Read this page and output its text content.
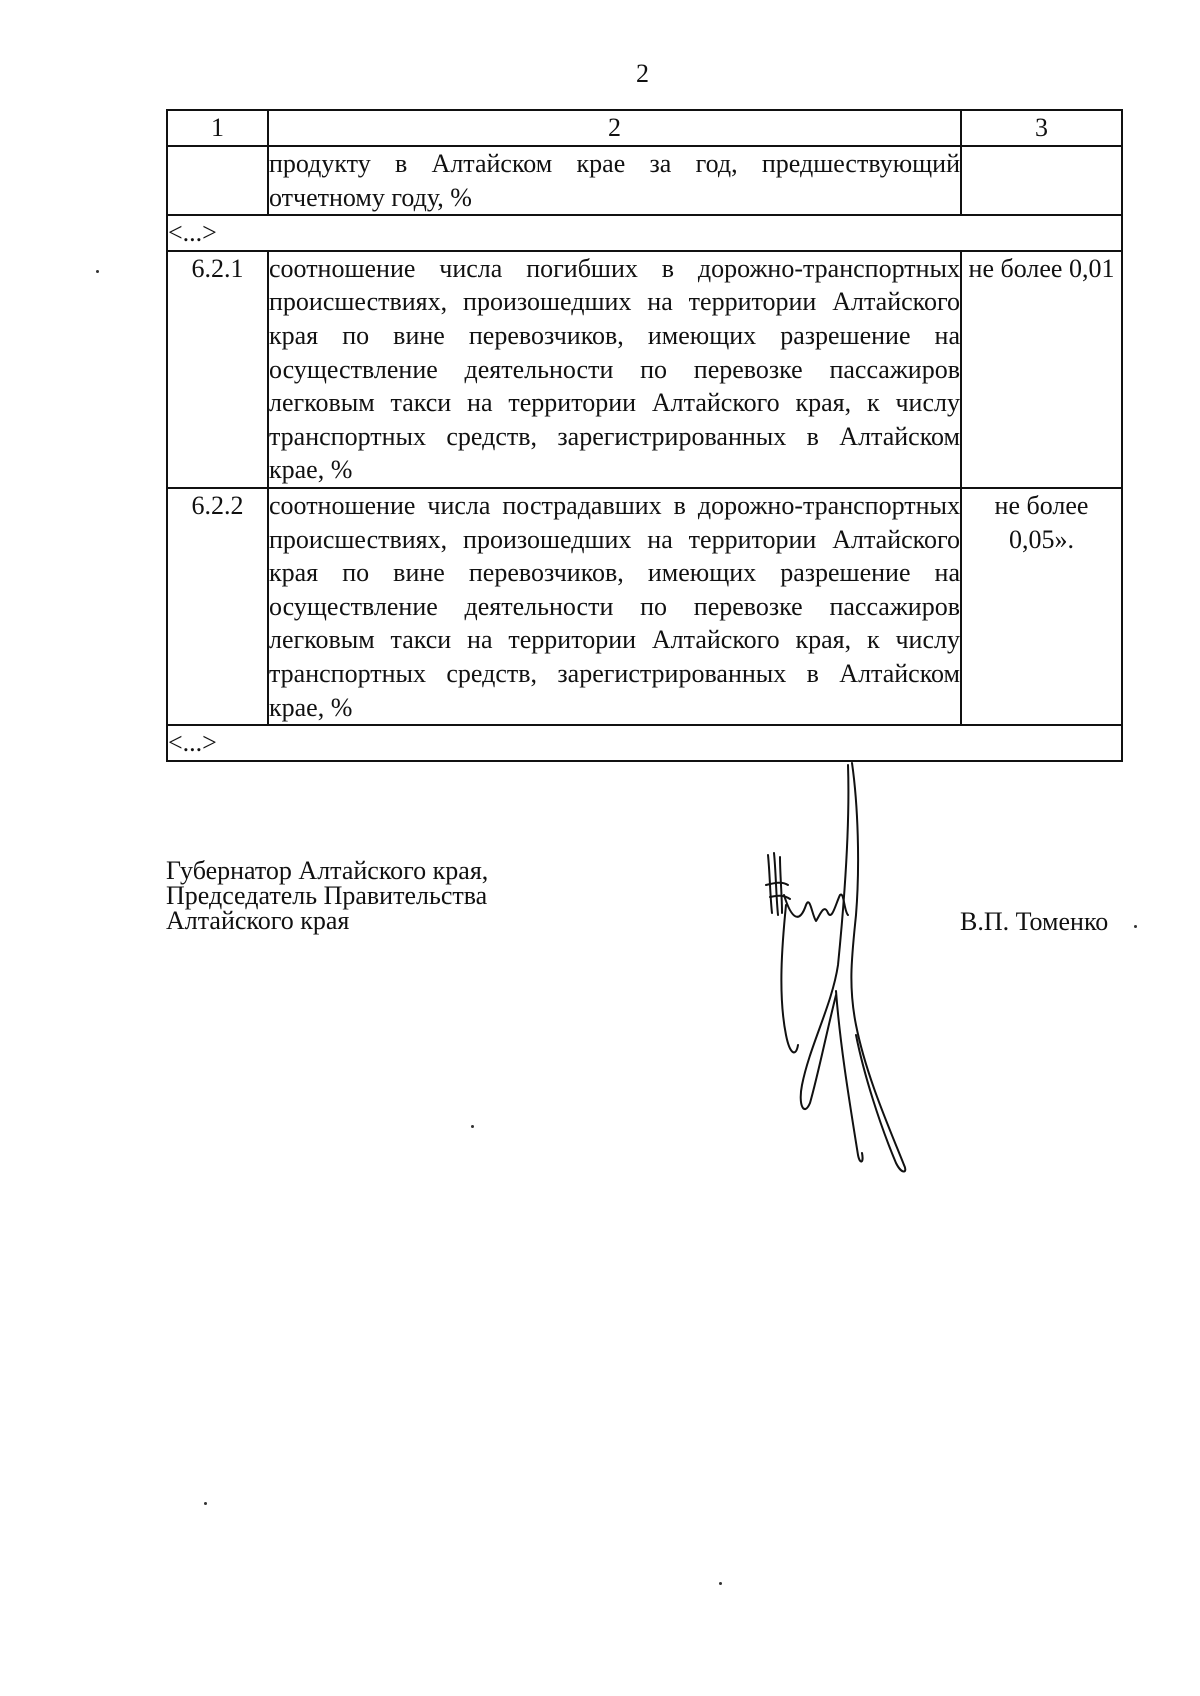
2
1	2	3
	продукту в Алтайском крае за год, предшествующий отчетному году, %	
<...>		
6.2.1	соотношение числа погибших в дорожно-транспортных происшествиях, произошедших на территории Алтайского края по вине перевозчиков, имеющих разрешение на осуществление деятельности по перевозке пассажиров легковым такси на территории Алтайского края, к числу транспортных средств, зарегистрированных в Алтайском крае, %	не более 0,01
6.2.2	соотношение числа пострадавших в дорожно-транспортных происшествиях, произошедших на территории Алтайского края по вине перевозчиков, имеющих разрешение на осуществление деятельности по перевозке пассажиров легковым такси на территории Алтайского края, к числу транспортных средств, зарегистрированных в Алтайском крае, %	не более 0,05».
<...>		
Губернатор Алтайского края,
Председатель Правительства
Алтайского края	В.П. Томенко
